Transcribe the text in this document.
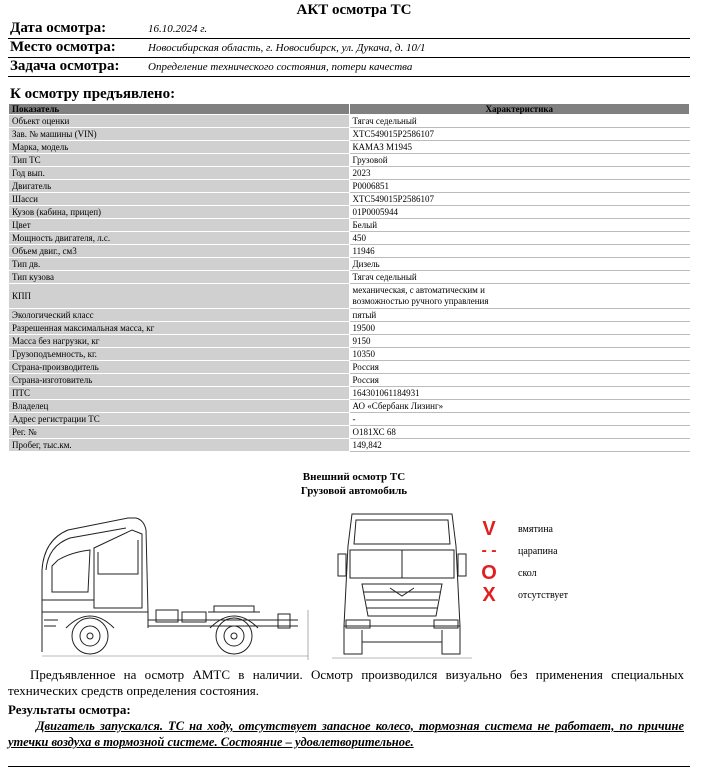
АКТ осмотра ТС
Дата осмотра:	16.10.2024 г.
Место осмотра:	Новосибирская область, г. Новосибирск, ул. Дукача, д. 10/1
Задача осмотра:	Определение технического состояния, потери качества
К осмотру предъявлено:
Показатель	Характеристика
Объект оценки	Тягач седельный
Зав. № машины (VIN)	XTC549015P2586107
Марка, модель	КАМАЗ M1945
Тип ТС	Грузовой
Год вып.	2023
Двигатель	P0006851
Шасси	XTC549015P2586107
Кузов (кабина, прицеп)	01P0005944
Цвет	Белый
Мощность двигателя, л.с.	450
Объем двиг., см3	11946
Тип дв.	Дизель
Тип кузова	Тягач седельный
КПП	механическая, с автоматическим и
возможностью ручного управления

Экологический класс	пятый
Разрешенная максимальная масса, кг	19500
Масса без нагрузки, кг	9150
Грузоподъемность, кг.	10350
Страна-производитель	Россия
Страна-изготовитель	Россия
ПТС	164301061184931
Владелец	АО «Сбербанк Лизинг»
Адрес регистрации ТС	-
Рег. №	О181ХС 68
Пробег, тыс.км.	149,842
Внешний осмотр ТС
Грузовой автомобиль
V	вмятина
- -	царапина
O	скол
X	отсутствует
Предъявленное на осмотр АМТС в наличии. Осмотр производился визуально без применения специальных технических средств определения состояния.
Результаты осмотра:
Двигатель запускался. ТС на ходу, отсутствует запасное колесо, тормозная система не работает, по причине утечки воздуха в тормозной системе. Состояние – удовлетворительное.
